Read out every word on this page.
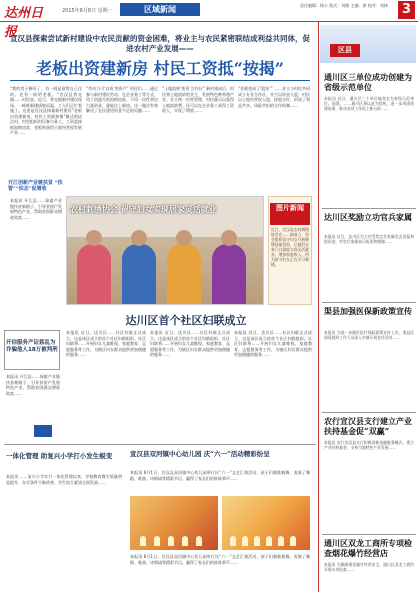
达州日报
2015年6月8日 星期一	区域新闻	责任编辑：杨小 版式：刘敏 主编：黄 校对：刘林	3
宣汉县探索尝试新村建设中农民贡献的资金困难，将业主与农民紧密联结成利益共同体，促进农村产业发展——
老板出资建新房 村民工资抵“按揭”
“我的房子修好了，有一间是留给自己住的，还有一间给老板。”宣汉县普光镇……村民说。近日，普光镇新村建设现场，一栋栋新楼拔地而起，工人们正忙着施工。这里是宣汉县探索新村建设“老板出资建新房，村民工资抵按揭”模式的试点村。村里组织村民参与务工，工资直接抵扣购房款，老板则获得土地经营权发展产业……
“劳动力可‘以资’变资产” 村民们……通过参与新村建设劳动、在企业务工等方式，用工资逐月抵扣购房款，不用一次性拿出大笔资金，就能住上新房。这一做法有效解决了农民建房资金不足的问题……
“土地流转‘变资’合作社” 新村建成后，村民将土地流转给业主，发展特色种养殖产业。业主统一经营管理，村民既可以获得土地流转费，还可以在企业务工获得工资收入，实现了增收……
“老板变成了‘股东’” ……业主与村民共同成立专业合作社，业主以资金入股，村民以土地经营权入股，按股分红，形成了利益共享、风险共担的合作机制……
本报讯 开江县……探索产业链扶贫新路子，引导贫困户发展特色产业，帮助贫困群众增收致富……
开江创新产业链扶贫 “扶智”“扶志”促增收
农村刺绣协会 留守妇女实现居家灵活就业
近日，宣汉县农村刺绣协会在……镇成立，协会组织留守妇女开展刺绣技能培训，让她们在家门口就能实现灵活就业，增加家庭收入。图为留守妇女正在学习刺绣。
图片新闻
达川区首个社区妇联成立
本报讯 近日，达川区……社区妇联正式成立，这是该区成立的首个社区妇联组织。社区妇联将……开展妇女儿童维权、家庭教育、志愿服务等工作，为辖区妇女群众提供更加便捷的服务……
本报讯 近日，达川区……社区妇联正式成立，这是该区成立的首个社区妇联组织。社区妇联将……开展妇女儿童维权、家庭教育、志愿服务等工作，为辖区妇女群众提供更加便捷的服务……
本报讯 近日，达川区……社区妇联正式成立，这是该区成立的首个社区妇联组织。社区妇联将……开展妇女儿童维权、家庭教育、志愿服务等工作，为辖区妇女群众提供更加便捷的服务……
开信服务产证惩乱为 诈骗他人18万被判刑
本报讯 开江县……探索产业链扶贫新路子，引导贫困户发展特色产业，帮助贫困群众增收致富……
一体化管理 助复兴小学打小发生蜕变
本报讯 ……复兴小学实行一体化管理以来，学校教育教学质量明显提升，办学条件不断改善，学生综合素质全面发展……
宣汉县双河镇中心幼儿园 庆“六一”活动精彩纷呈
本报讯 6月1日，宣汉县双河镇中心幼儿园举行庆“六一”文艺汇演活动，孩子们载歌载舞，表演了舞蹈、歌曲、诗朗诵等精彩节目，赢得了家长们的阵阵掌声……
本报讯 6月1日，宣汉县双河镇中心幼儿园举行庆“六一”文艺汇演活动，孩子们载歌载舞，表演了舞蹈、歌曲、诗朗诵等精彩节目，赢得了家长们的阵阵掌声……
区县
通川区三单位成功创建为省级示范单位
本报讯 近日，通川区三个单位被命名为省级示范单位。据悉，……通川区将以此为契机，进一步巩固创建成果，推动各项工作再上新台阶……
达川区奖励立功官兵家属
本报讯 近日，达川区为立功受奖官兵家属送去喜报和慰问金，对官兵家属表示祝贺和感谢……
渠县加强医保新政策宣传
本报讯 为进一步做好医疗保险政策宣传工作，渠县医保局组织工作人员深入乡镇开展宣传活动……
农行宣汉县支行建立产业扶持基金促“双赢”
本报讯 农行宣汉县支行积极创新金融服务模式，建立产业扶持基金，支持当地特色产业发展……
通川区双龙工商所专项检查烟花爆竹经营店
本报讯 为确保烟花爆竹经营安全，通川区双龙工商所开展专项检查……
